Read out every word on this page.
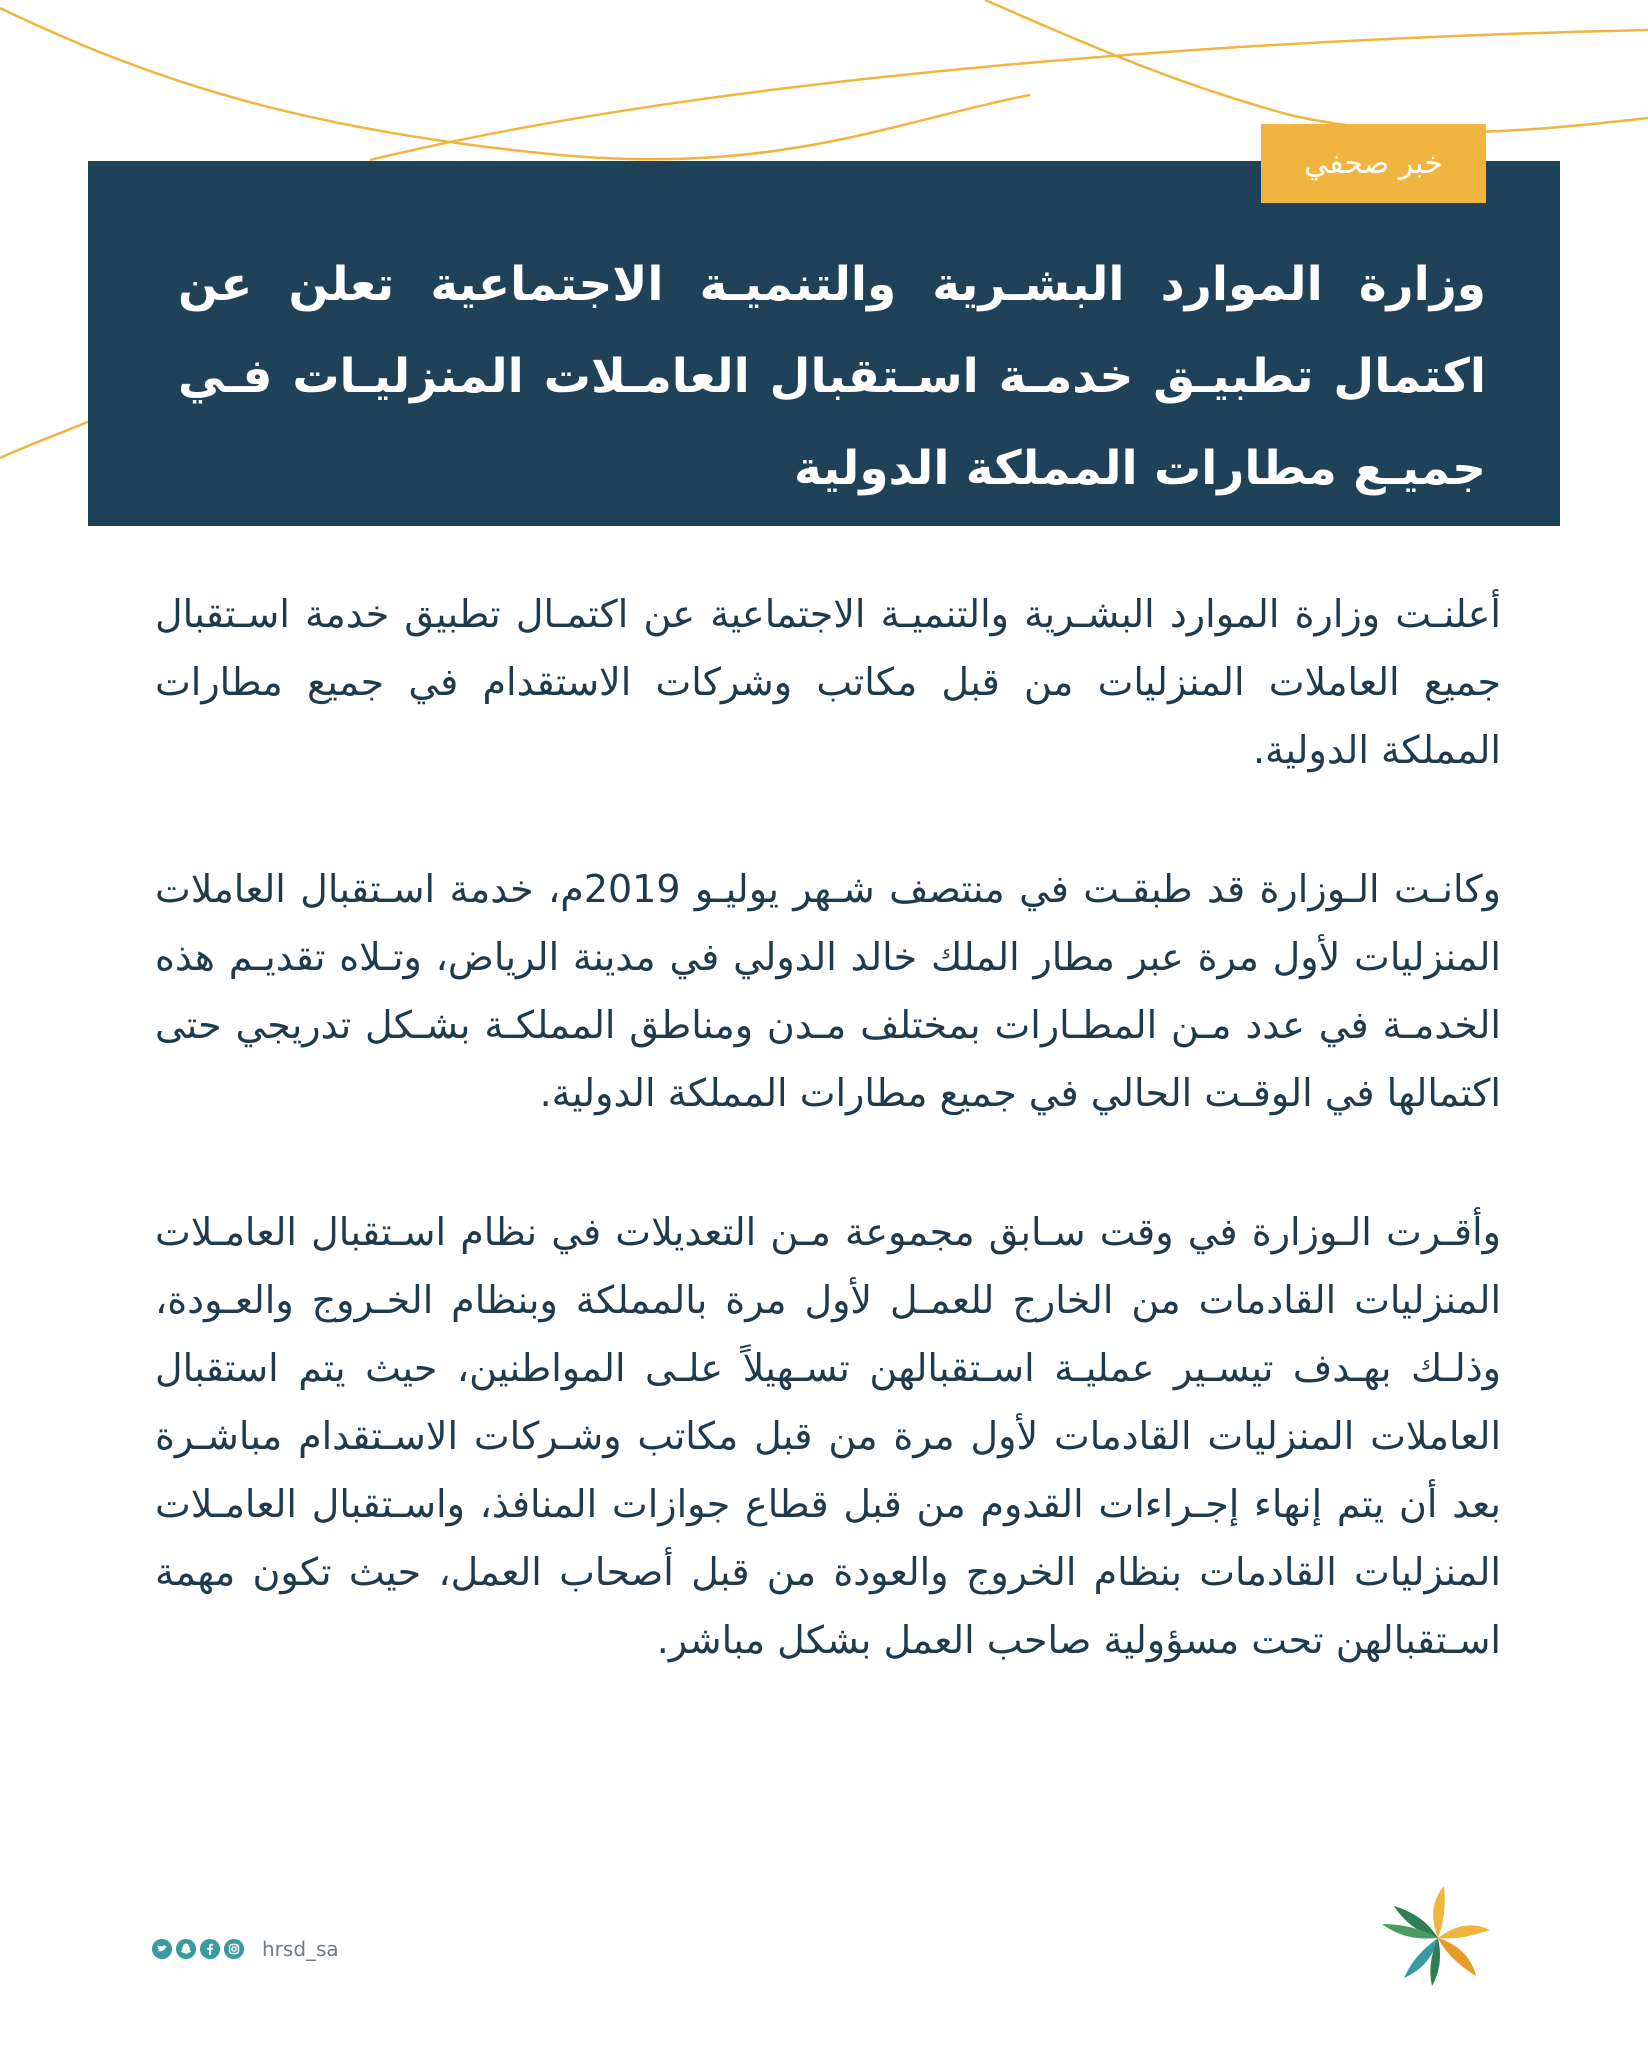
خبر صحفي
وزارة الموارد البشـرية والتنميـة الاجتماعية تعلن عن اكتمال تطبيـق خدمـة اسـتقبال العامـلات المنزليـات فـي جميـع مطارات المملكة الدولية

أعلنـت وزارة الموارد البشـرية والتنميـة الاجتماعية عن اكتمـال تطبيق خدمة اسـتقبال جميع العاملات المنزليات من قبل مكاتب وشركات الاستقدام في جميع مطارات المملكة الدولية.

وكانـت الـوزارة قد طبقـت في منتصف شـهر يوليـو 2019م، خدمة اسـتقبال العاملات المنزليات لأول مرة عبر مطار الملك خالد الدولي في مدينة الرياض، وتـلاه تقديـم هذه الخدمـة في عدد مـن المطـارات بمختلف مـدن ومناطق المملكـة بشـكل تدريجي حتى اكتمالها في الوقـت الحالي في جميع مطارات المملكة الدولية.

وأقـرت الـوزارة في وقت سـابق مجموعة مـن التعديلات في نظام اسـتقبال العامـلات المنزليات القادمات من الخارج للعمـل لأول مرة بالمملكة وبنظام الخـروج والعـودة، وذلـك بهـدف تيسـير عمليـة اسـتقبالهن تسـهيلاً علـى المواطنين، حيث يتم استقبال العاملات المنزليات القادمات لأول مرة من قبل مكاتب وشـركات الاسـتقدام مباشـرة بعد أن يتم إنهاء إجـراءات القدوم من قبل قطاع جوازات المنافذ، واسـتقبال العامـلات المنزليات القادمات بنظام الخروج والعودة من قبل أصحاب العمل، حيث تكون مهمة اسـتقبالهن تحت مسؤولية صاحب العمل بشكل مباشر.

hrsd_sa
